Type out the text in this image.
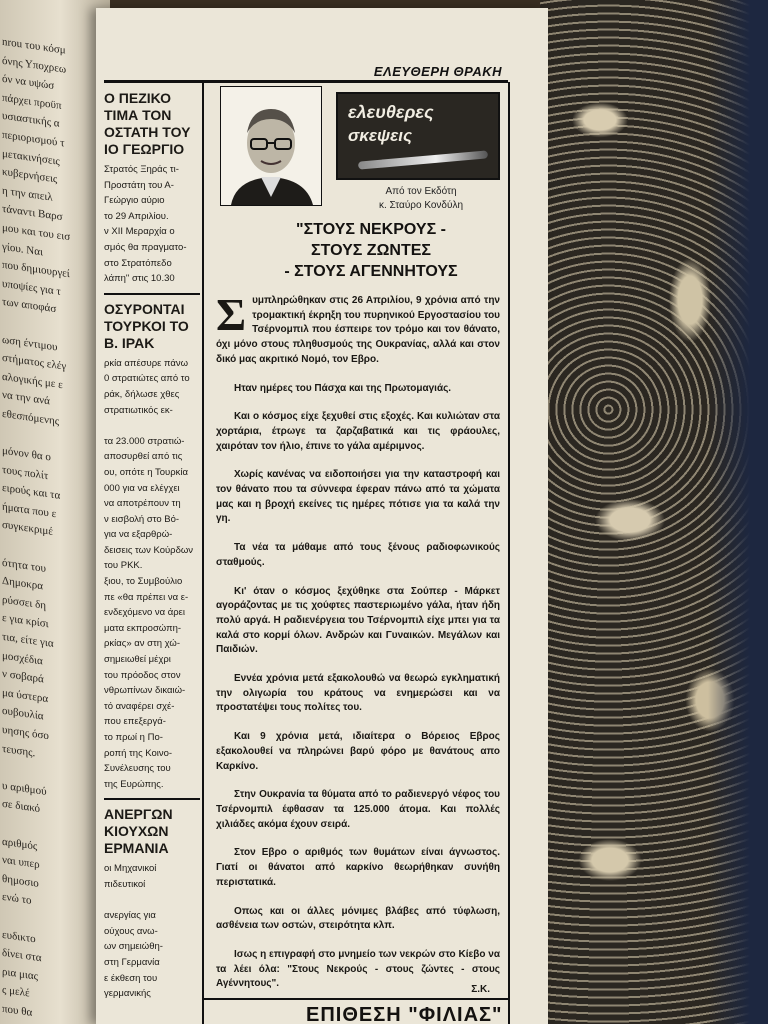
nrou του κόσμ
όνης Υποχρεω
όν να υψώσ
πάρχει προϋπ
υσιαστικής α
περιορισμού τ
μετακινήσεις
κυβερνήσεις
η την απειλ
τάναντι Βαρσ
μου και του εισ
γίου. Ναι
που δημιουργεί
υποψίες για τ
των αποφάσ

ωση έντιμου
στήματος ελέγ
αλογικής με ε
να την ανά
εθεσπόμενης

μόνον θα ο
τους πολίτ
ειρούς και τα
ήματα που ε
συγκεκριμέ

ότητα του
Δημοκρα
ρύσσει δη
ε για κρίσι
τια, είτε για
μοσχέδια
ν σοβαρά
μα ύστερα
ουβουλία
υησης όσο
τευσης.

υ αριθμού
σε διακό

αριθμός
ναι υπερ
θημοσιο
ενώ το

ευδικτο
δίνει στα
ρια μιας
ς μελέ
που θα
ΕΛΕΥΘΕΡΗ ΘΡΑΚΗ
Ο ΠΕΖΙΚΟ ΤΙΜΑ ΤΟΝ ΟΣΤΑΤΗ ΤΟΥ ΙΟ ΓΕΩΡΓΙΟ

Στρατός Ξηράς τι-
Προστάτη του Α-
Γεώργιο αύριο
το 29 Απριλίου.
ν ΧΙΙ Μεραρχία ο
σμός θα πραγματο-
στο Στρατόπεδο
λάπη" στις 10.30

ΟΣΥΡΟΝΤΑΙ ΤΟΥΡΚΟΙ ΤΟ Β. ΙΡΑΚ

ρκία απέσυρε πάνω
0 στρατιώτες από το
ράκ, δήλωσε χθες
στρατιωτικός εκ-

τα 23.000 στρατιώ-
αποσυρθεί από τις
ου, οπότε η Τουρκία
000 για να ελέγχει
να αποτρέπουν τη
ν εισβολή στο Βό-
για να εξαρθρώ-
δεισεις των Κούρδων
του PKK.
ξιου, το Συμβούλιο
πε «θα πρέπει να ε-
ενδεχόμενο να άρει
ματα εκπροσώπη-
ρκίας» αν στη χώ-
σημειωθεί μέχρι
του πρόοδος στον
νθρωπίνων δικαιώ-
τό αναφέρει σχέ-
που επεξεργά-
το πρωί η Πο-
ροπή της Κοινο-
Συνέλευσης του
της Ευρώπης.

ΑΝΕΡΓΩΝ ΚΙΟΥΧΩΝ ΕΡΜΑΝΙΑ

οι Μηχανικοί
πιδευτικοί

ανεργίας για
ούχους ανω-
ων σημειώθη-
στη Γερμανία
ε έκθεση του
γερμανικής

ελευθερες
σκεψεις
Από τον Εκδότη
κ. Σταύρο Κονδύλη
"ΣΤΟΥΣ ΝΕΚΡΟΥΣ -
ΣΤΟΥΣ ΖΩΝΤΕΣ
- ΣΤΟΥΣ ΑΓΕΝΝΗΤΟΥΣ

Συμπληρώθηκαν στις 26 Απριλίου, 9 χρόνια από την τρομακτική έκρηξη του πυρηνικού Εργοστασίου του Τσέρνομπιλ που έσπειρε τον τρόμο και τον θάνατο, όχι μόνο στους πληθυσμούς της Ουκρανίας, αλλά και στον δικό μας ακριτικό Νομό, τον Εβρο.

Ηταν ημέρες του Πάσχα και της Πρωτομαγιάς.

Και ο κόσμος είχε ξεχυθεί στις εξοχές. Και κυλιώταν στα χορτάρια, έτρωγε τα ζαρζαβατικά και τις φράουλες, χαιρόταν τον ήλιο, έπινε το γάλα αμέριμνος.

Χωρίς κανένας να ειδοποιήσει για την καταστροφή και τον θάνατο που τα σύννεφα έφεραν πάνω από τα χώματα μας και η βροχή εκείνες τις ημέρες πότισε για τα καλά την γη.

Τα νέα τα μάθαμε από τους ξένους ραδιοφωνικούς σταθμούς.

Κι' όταν ο κόσμος ξεχύθηκε στα Σούπερ - Μάρκετ αγοράζοντας με τις χούφτες παστεριωμένο γάλα, ήταν ήδη πολύ αργά. Η ραδιενέργεια του Τσέρνομπιλ είχε μπει για τα καλά στο κορμί όλων. Ανδρών και Γυναικών. Μεγάλων και Παιδιών.

Εννέα χρόνια μετά εξακολουθώ να θεωρώ εγκληματική την ολιγωρία του κράτους να ενημερώσει και να προστατέψει τους πολίτες του.

Και 9 χρόνια μετά, ιδιαίτερα ο Βόρειος Εβρος εξακολουθεί να πληρώνει βαρύ φόρο με θανάτους απο Καρκίνο.

Στην Ουκρανία τα θύματα από το ραδιενεργό νέφος του Τσέρνομπιλ έφθασαν τα 125.000 άτομα. Και πολλές χιλιάδες ακόμα έχουν σειρά.

Στον Εβρο ο αριθμός των θυμάτων είναι άγνωστος. Γιατί οι θάνατοι από καρκίνο θεωρήθηκαν συνήθη περιστατικά.

Οπως και οι άλλες μόνιμες βλάβες από τύφλωση, ασθένεια των οστών, στειρότητα κλπ.

Ισως η επιγραφή στο μνημείο των νεκρών στο Κίεβο να τα λέει όλα: "Στους Νεκρούς - στους ζώντες - στους Αγέννητους".

Σ.Κ.
ΕΠΙΘΕΣΗ "ΦΙΛΙΑΣ"
